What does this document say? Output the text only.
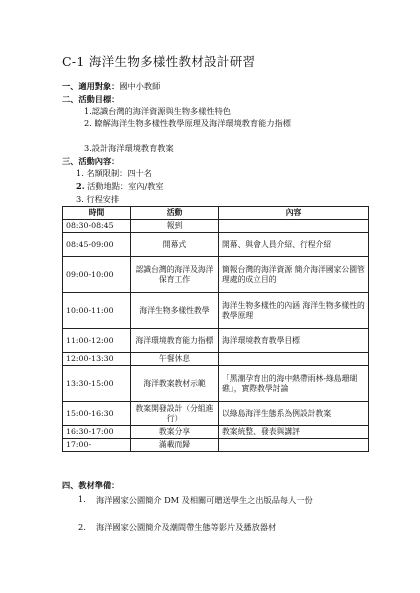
C-1 海洋生物多樣性教材設計研習
一、適用對象：國中小教師
二、活動目標：
1.認識台灣的海洋資源與生物多樣性特色
2. 瞭解海洋生物多樣性教學原理及海洋環境教育能力指標
3.設計海洋環境教育教案
三、活動內容：
1. 名額限制：四十名
2. 活動地點：室內/教室
3. 行程安排
時間	活動	內容
08:30-08:45	報到	
08:45-09:00	開幕式	開幕、與會人員介紹、行程介紹
09:00-10:00	認識台灣的海洋及海洋保育工作	簡報台灣的海洋資源 簡介海洋國家公園管理處的成立目的
10:00-11:00	海洋生物多樣性教學	海洋生物多樣性的內涵 海洋生物多樣性的教學原理
11:00-12:00	海洋環境教育能力指標	海洋環境教育教學目標
12:00-13:30	午餐休息	
13:30-15:00	海洋教案教材示範	「黑潮孕育出的海中熱帶雨林-綠島珊瑚礁」，實際教學討論
15:00-16:30	教案開發設計（分組進行）	以綠島海洋生態系為例設計教案
16:30-17:00	教案分享	教案統整、發表與講評
17:00-	滿載而歸	
四、教材準備：
1. 海洋國家公園簡介 DM 及相關可贈送學生之出版品每人一份
2. 海洋國家公園簡介及潮間帶生態等影片及播放器材
